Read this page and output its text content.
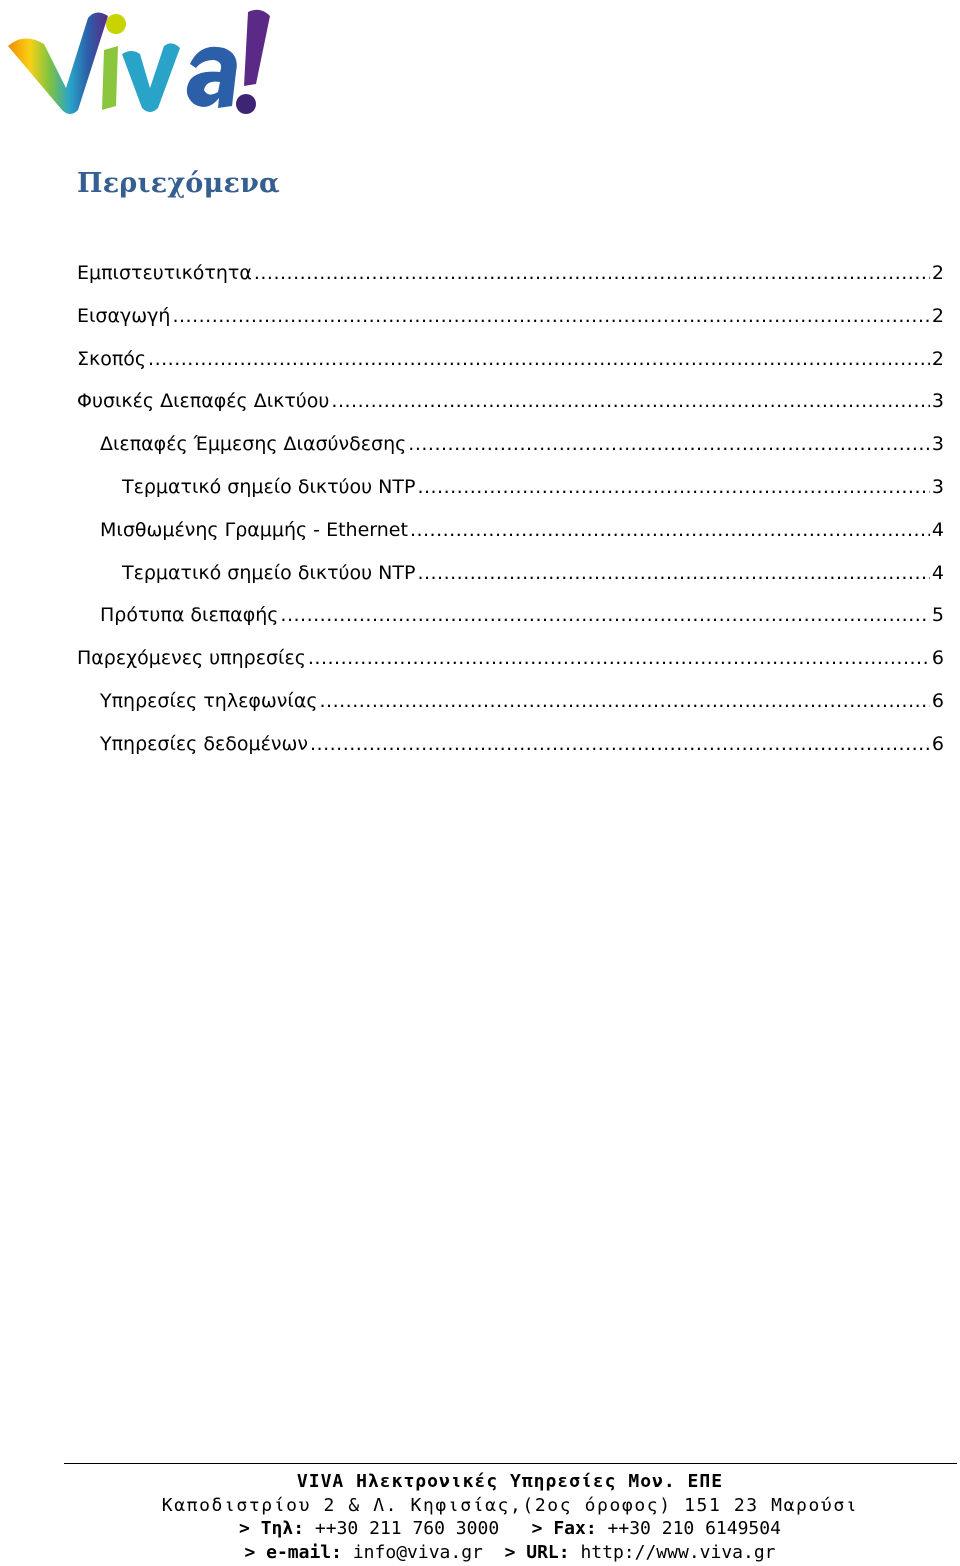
Περιεχόμενα
Εμπιστευτικότητα .....	2
Εισαγωγή .....	2
Σκοπός .....	2
Φυσικές Διεπαφές Δικτύου .....	3
Διεπαφές Έμμεσης Διασύνδεσης .....	3
Τερματικό σημείο δικτύου NTP .....	3
Μισθωμένης Γραμμής - Ethernet .....	4
Τερματικό σημείο δικτύου NTP .....	4
Πρότυπα διεπαφής .....	5
Παρεχόμενες υπηρεσίες .....	6
Υπηρεσίες τηλεφωνίας .....	6
Υπηρεσίες δεδομένων .....	6
VIVA Ηλεκτρονικές Υπηρεσίες Μον. ΕΠΕ
Καποδιστρίου 2 & Λ. Κηφισίας,(2ος όροφος) 151 23 Μαρούσι
> Τηλ: ++30 211 760 3000 > Fax: ++30 210 6149504
> e-mail: info@viva.gr > URL: http://www.viva.gr
